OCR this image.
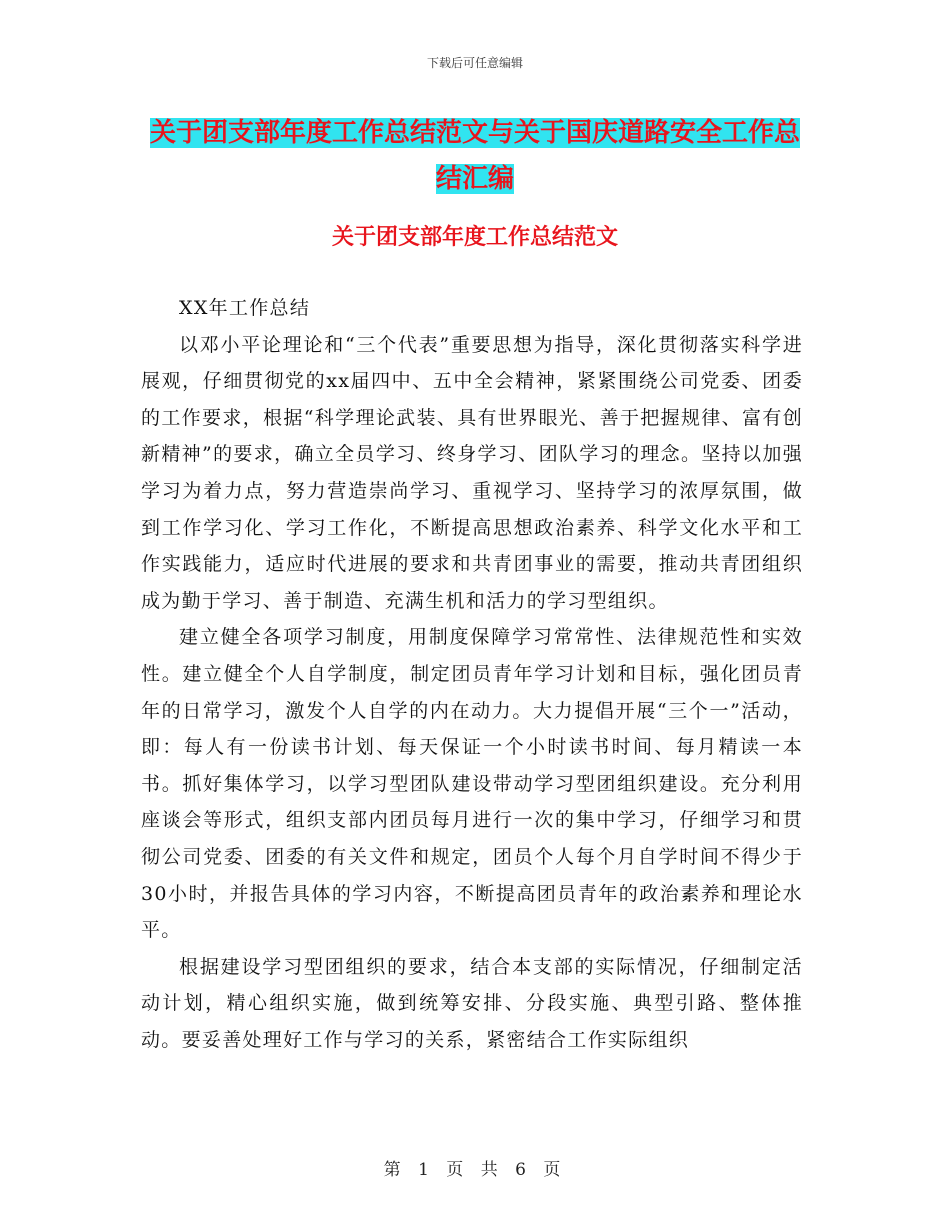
下载后可任意编辑
关于团支部年度工作总结范文与关于国庆道路安全工作总结汇编
关于团支部年度工作总结范文

XX年工作总结

以邓小平论理论和“三个代表”重要思想为指导，深化贯彻落实科学进展观，仔细贯彻党的xx届四中、五中全会精神，紧紧围绕公司党委、团委的工作要求，根据“科学理论武装、具有世界眼光、善于把握规律、富有创新精神”的要求，确立全员学习、终身学习、团队学习的理念。坚持以加强学习为着力点，努力营造崇尚学习、重视学习、坚持学习的浓厚氛围，做到工作学习化、学习工作化，不断提高思想政治素养、科学文化水平和工作实践能力，适应时代进展的要求和共青团事业的需要，推动共青团组织成为勤于学习、善于制造、充满生机和活力的学习型组织。

建立健全各项学习制度，用制度保障学习常常性、法律规范性和实效性。建立健全个人自学制度，制定团员青年学习计划和目标，强化团员青年的日常学习，激发个人自学的内在动力。大力提倡开展“三个一”活动，即：每人有一份读书计划、每天保证一个小时读书时间、每月精读一本书。抓好集体学习，以学习型团队建设带动学习型团组织建设。充分利用座谈会等形式，组织支部内团员每月进行一次的集中学习，仔细学习和贯彻公司党委、团委的有关文件和规定，团员个人每个月自学时间不得少于30小时，并报告具体的学习内容，不断提高团员青年的政治素养和理论水平。

根据建设学习型团组织的要求，结合本支部的实际情况，仔细制定活动计划，精心组织实施，做到统筹安排、分段实施、典型引路、整体推动。要妥善处理好工作与学习的关系，紧密结合工作实际组织

第 1 页 共 6 页
